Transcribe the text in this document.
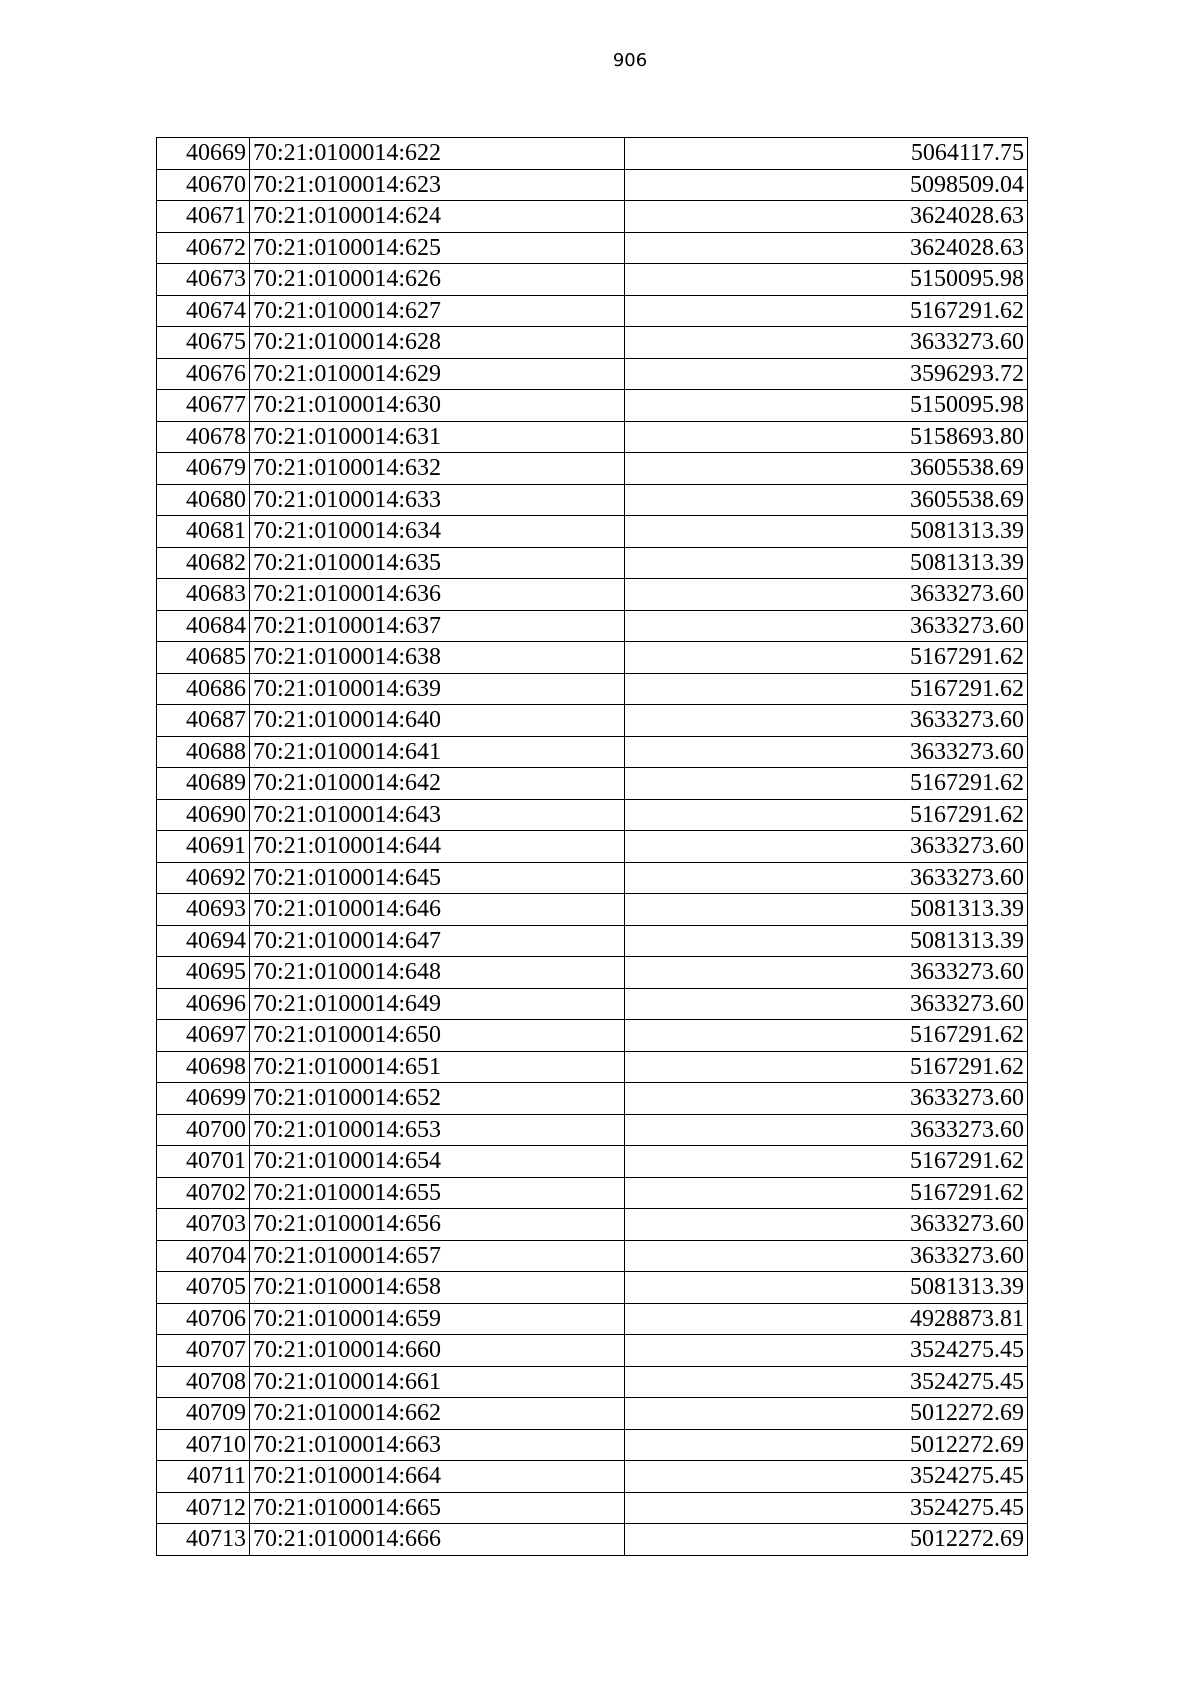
906
40669	70:21:0100014:622	5064117.75
40670	70:21:0100014:623	5098509.04
40671	70:21:0100014:624	3624028.63
40672	70:21:0100014:625	3624028.63
40673	70:21:0100014:626	5150095.98
40674	70:21:0100014:627	5167291.62
40675	70:21:0100014:628	3633273.60
40676	70:21:0100014:629	3596293.72
40677	70:21:0100014:630	5150095.98
40678	70:21:0100014:631	5158693.80
40679	70:21:0100014:632	3605538.69
40680	70:21:0100014:633	3605538.69
40681	70:21:0100014:634	5081313.39
40682	70:21:0100014:635	5081313.39
40683	70:21:0100014:636	3633273.60
40684	70:21:0100014:637	3633273.60
40685	70:21:0100014:638	5167291.62
40686	70:21:0100014:639	5167291.62
40687	70:21:0100014:640	3633273.60
40688	70:21:0100014:641	3633273.60
40689	70:21:0100014:642	5167291.62
40690	70:21:0100014:643	5167291.62
40691	70:21:0100014:644	3633273.60
40692	70:21:0100014:645	3633273.60
40693	70:21:0100014:646	5081313.39
40694	70:21:0100014:647	5081313.39
40695	70:21:0100014:648	3633273.60
40696	70:21:0100014:649	3633273.60
40697	70:21:0100014:650	5167291.62
40698	70:21:0100014:651	5167291.62
40699	70:21:0100014:652	3633273.60
40700	70:21:0100014:653	3633273.60
40701	70:21:0100014:654	5167291.62
40702	70:21:0100014:655	5167291.62
40703	70:21:0100014:656	3633273.60
40704	70:21:0100014:657	3633273.60
40705	70:21:0100014:658	5081313.39
40706	70:21:0100014:659	4928873.81
40707	70:21:0100014:660	3524275.45
40708	70:21:0100014:661	3524275.45
40709	70:21:0100014:662	5012272.69
40710	70:21:0100014:663	5012272.69
40711	70:21:0100014:664	3524275.45
40712	70:21:0100014:665	3524275.45
40713	70:21:0100014:666	5012272.69
